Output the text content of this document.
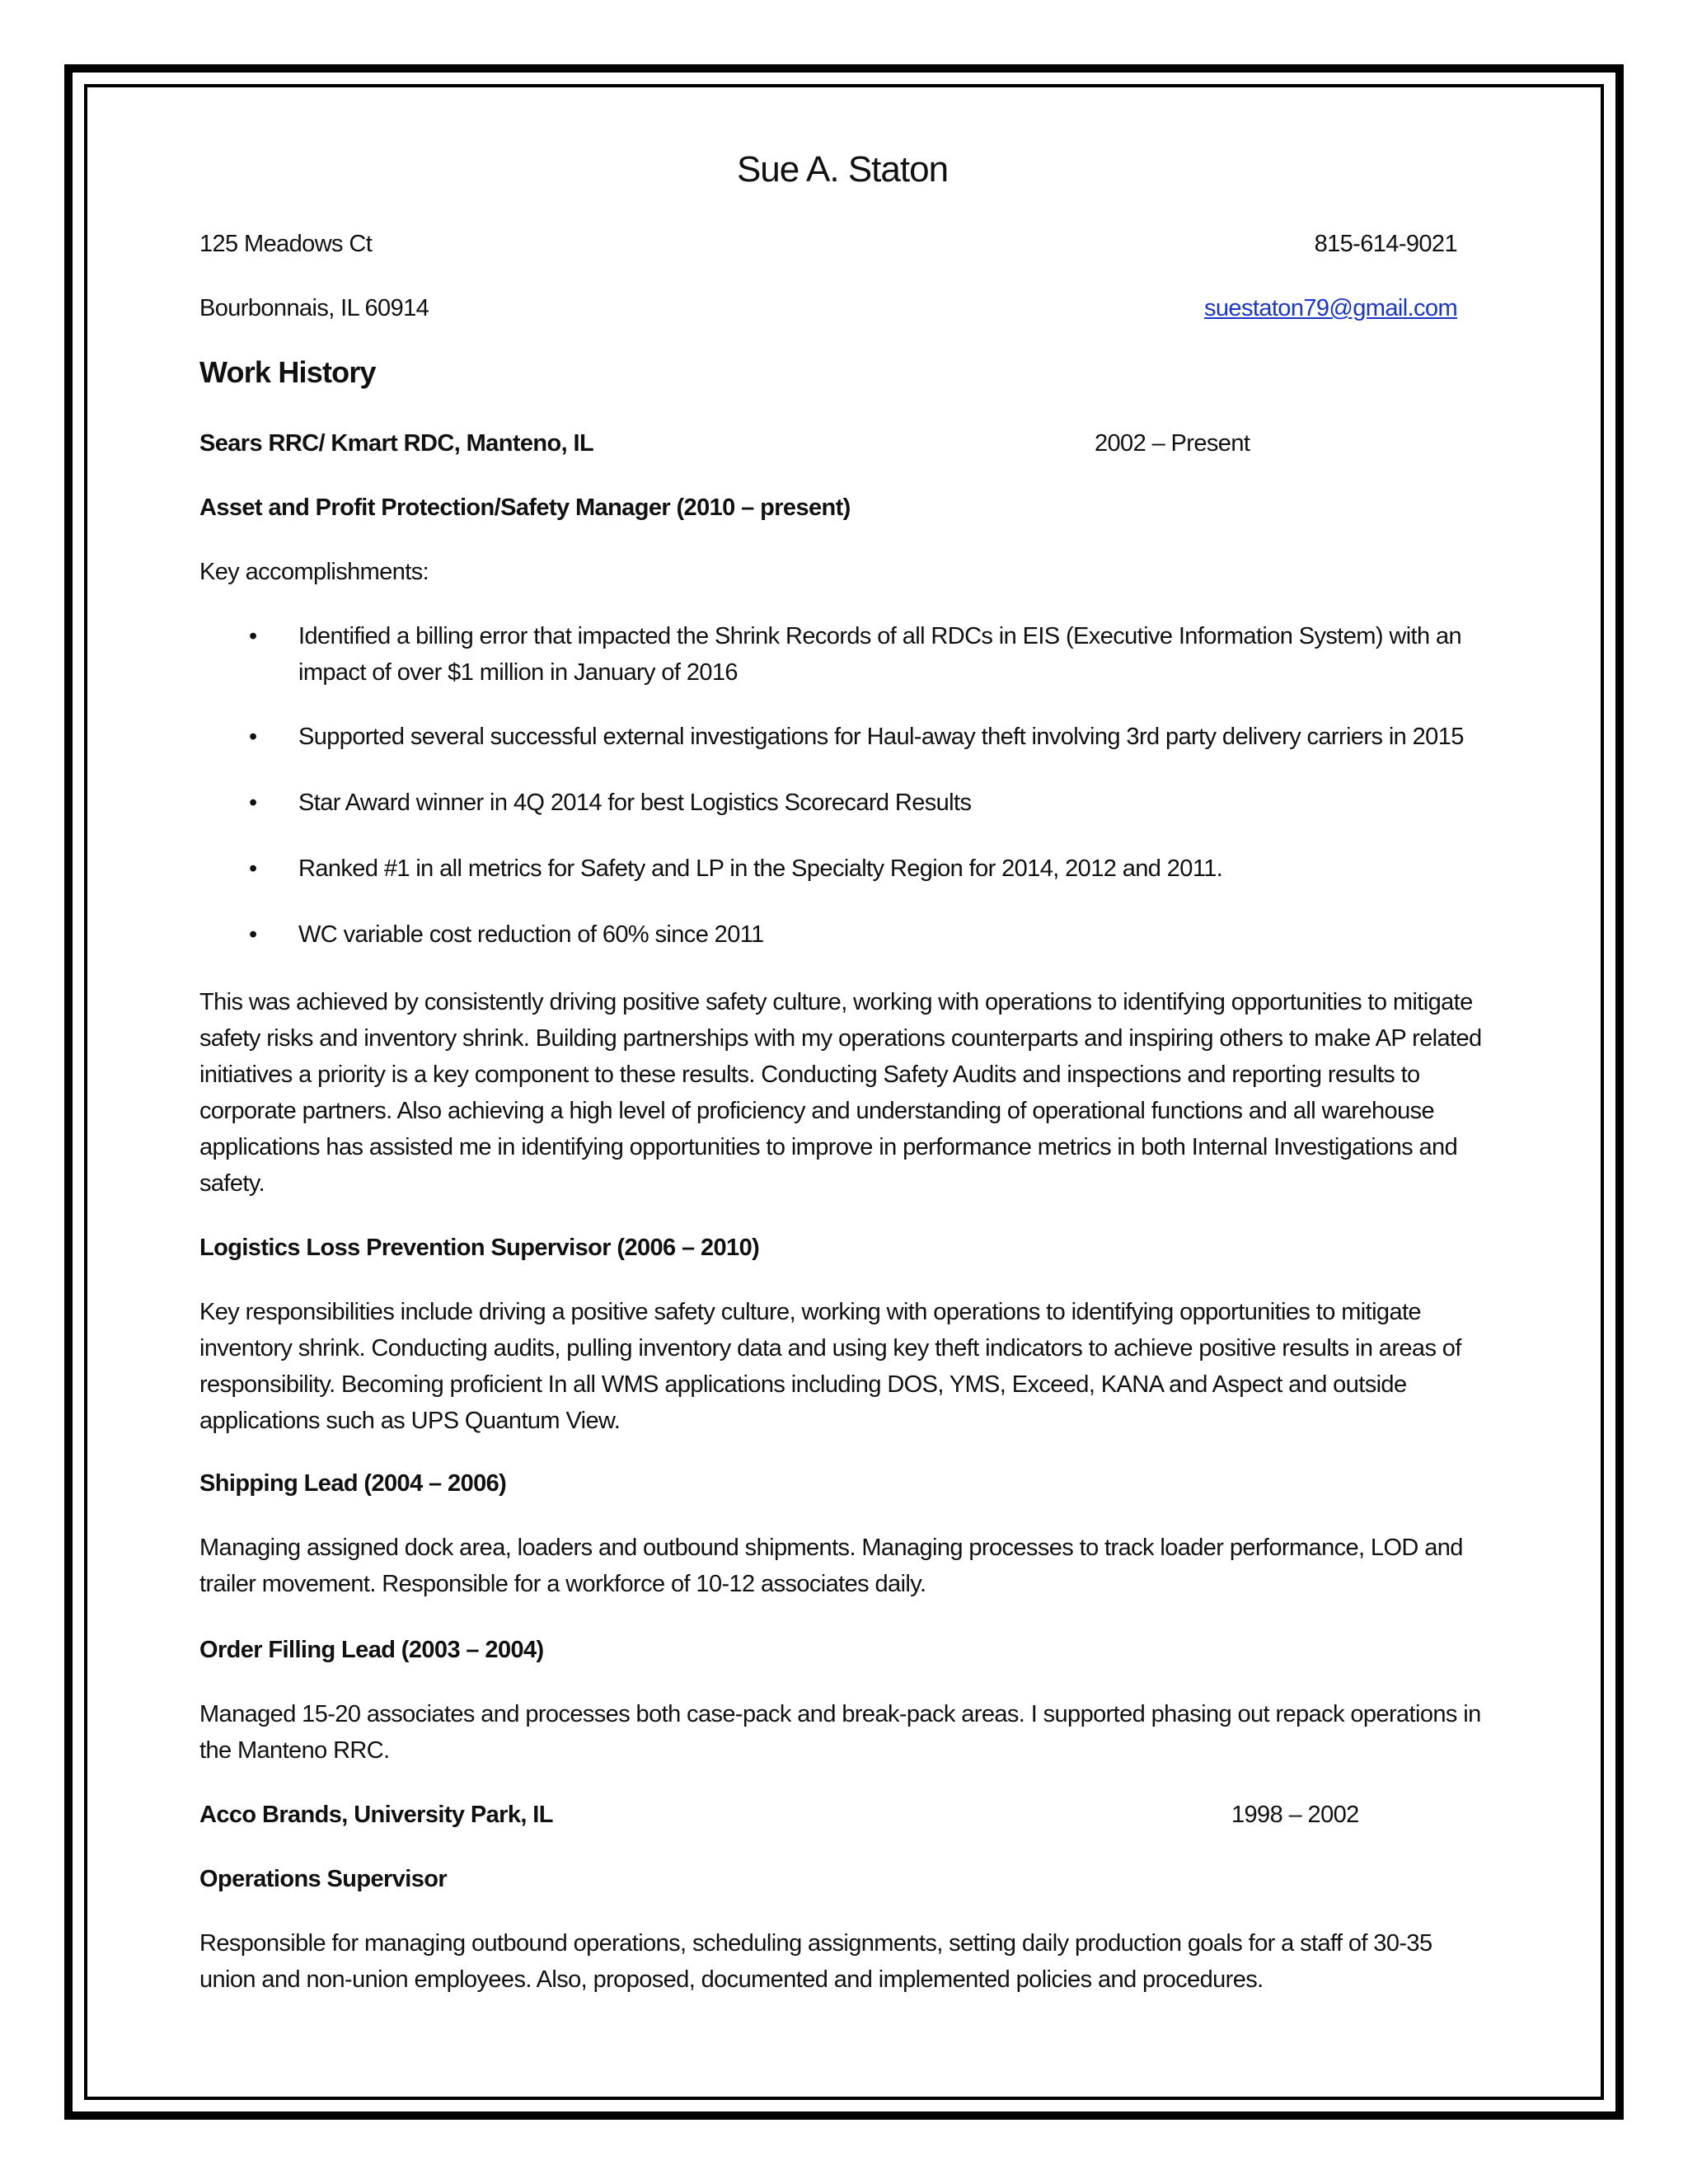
Sue A. Staton
125 Meadows Ct	815-614-9021
Bourbonnais, IL 60914	suestaton79@gmail.com
Work History
Sears RRC/ Kmart RDC, Manteno, IL	2002 – Present
Asset and Profit Protection/Safety Manager (2010 – present)
Key accomplishments:
• Identified a billing error that impacted the Shrink Records of all RDCs in EIS (Executive Information System) with an impact of over $1 million in January of 2016
• Supported several successful external investigations for Haul-away theft involving 3rd party delivery carriers in 2015
• Star Award winner in 4Q 2014 for best Logistics Scorecard Results
• Ranked #1 in all metrics for Safety and LP in the Specialty Region for 2014, 2012 and 2011.
• WC variable cost reduction of 60% since 2011
This was achieved by consistently driving positive safety culture, working with operations to identifying opportunities to mitigate safety risks and inventory shrink. Building partnerships with my operations counterparts and inspiring others to make AP related initiatives a priority is a key component to these results. Conducting Safety Audits and inspections and reporting results to corporate partners. Also achieving a high level of proficiency and understanding of operational functions and all warehouse applications has assisted me in identifying opportunities to improve in performance metrics in both Internal Investigations and safety.
Logistics Loss Prevention Supervisor (2006 – 2010)
Key responsibilities include driving a positive safety culture, working with operations to identifying opportunities to mitigate inventory shrink. Conducting audits, pulling inventory data and using key theft indicators to achieve positive results in areas of responsibility. Becoming proficient In all WMS applications including DOS, YMS, Exceed, KANA and Aspect and outside applications such as UPS Quantum View.
Shipping Lead (2004 – 2006)
Managing assigned dock area, loaders and outbound shipments. Managing processes to track loader performance, LOD and trailer movement. Responsible for a workforce of 10-12 associates daily.
Order Filling Lead (2003 – 2004)
Managed 15-20 associates and processes both case-pack and break-pack areas. I supported phasing out repack operations in the Manteno RRC.
Acco Brands, University Park, IL	1998 – 2002
Operations Supervisor
Responsible for managing outbound operations, scheduling assignments, setting daily production goals for a staff of 30-35 union and non-union employees. Also, proposed, documented and implemented policies and procedures.
